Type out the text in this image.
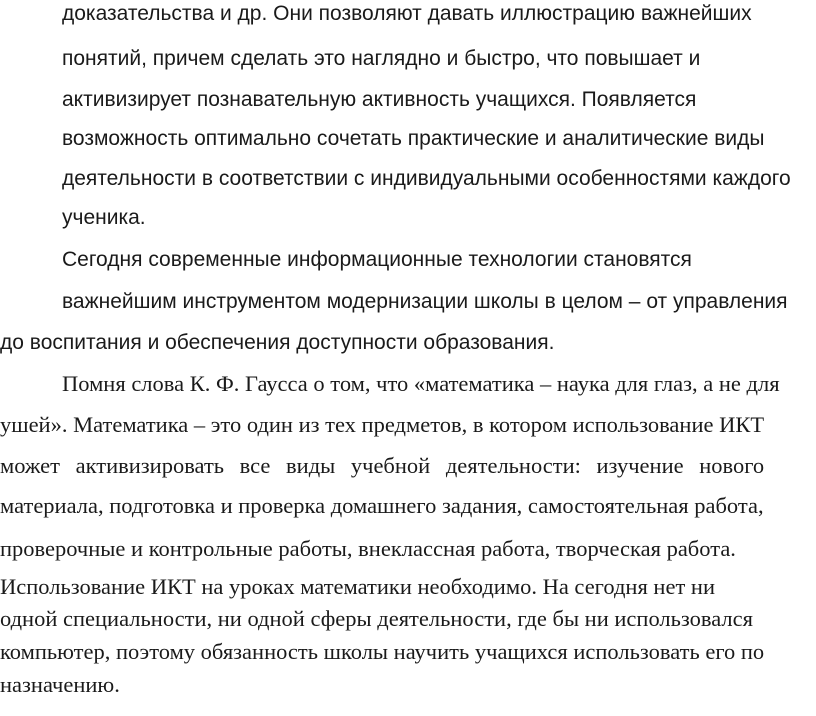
доказательства и др. Они позволяют давать иллюстрацию важнейших

понятий, причем сделать это наглядно и быстро, что повышает и

активизирует познавательную активность учащихся. Появляется

возможность оптимально сочетать практические и аналитические виды

деятельности в соответствии с индивидуальными особенностями каждого

ученика.

Сегодня современные информационные технологии становятся

важнейшим инструментом модернизации школы в целом – от управления

до воспитания и обеспечения доступности образования.

Помня слова К. Ф. Гаусса о том, что «математика – наука для глаз, а не для

ушей». Математика – это один из тех предметов, в котором использование ИКТ

может активизировать все виды учебной деятельности: изучение нового

материала, подготовка и проверка домашнего задания, самостоятельная работа,

проверочные и контрольные работы, внеклассная работа, творческая работа.

Использование ИКТ на уроках математики необходимо. На сегодня нет ни

одной специальности, ни одной сферы деятельности, где бы ни использовался

компьютер, поэтому обязанность школы научить учащихся использовать его по

назначению.
